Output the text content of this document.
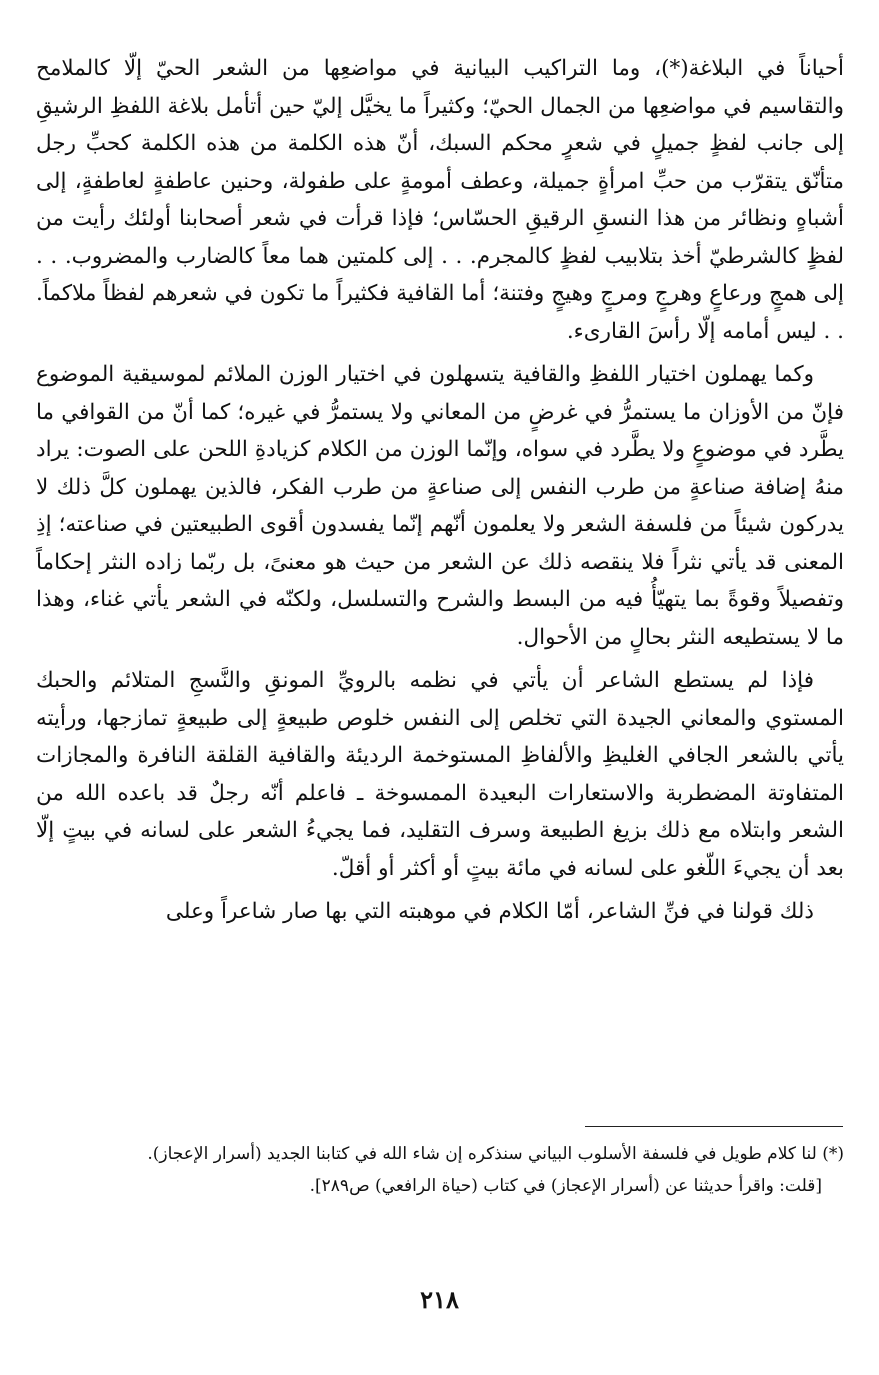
أحياناً في البلاغة(*)، وما التراكيب البيانية في مواضعِها من الشعر الحيّ إلّا كالملامح والتقاسيم في مواضعِها من الجمال الحيّ؛ وكثيراً ما يخيَّل إليّ حين أتأمل بلاغة اللفظِ الرشيقِ إلى جانب لفظٍ جميلٍ في شعرٍ محكم السبك، أنّ هذه الكلمة من هذه الكلمة كحبِّ رجل متأنّق يتقرّب من حبِّ امرأةٍ جميلة، وعطف أمومةٍ على طفولة، وحنين عاطفةٍ لعاطفةٍ، إلى أشباهٍ ونظائر من هذا النسقِ الرقيقِ الحسّاس؛ فإذا قرأت في شعر أصحابنا أولئك رأيت من لفظٍ كالشرطيّ أخذ بتلابيب لفظٍ كالمجرم. . . إلى كلمتين هما معاً كالضارب والمضروب. . . إلى همجٍ ورعاعٍ وهرجٍ ومرجٍ وهيجٍ وفتنة؛ أما القافية فكثيراً ما تكون في شعرهم لفظاً ملاكماً. . . ليس أمامه إلّا رأسَ القارىء.

وكما يهملون اختيار اللفظِ والقافية يتسهلون في اختيار الوزن الملائم لموسيقية الموضوع فإنّ من الأوزان ما يستمرُّ في غرضٍ من المعاني ولا يستمرُّ في غيره؛ كما أنّ من القوافي ما يطَّرد في موضوعٍ ولا يطَّرد في سواه، وإنّما الوزن من الكلام كزيادةِ اللحن على الصوت: يراد منهُ إضافة صناعةٍ من طرب النفس إلى صناعةٍ من طرب الفكر، فالذين يهملون كلَّ ذلك لا يدركون شيئاً من فلسفة الشعر ولا يعلمون أنّهم إنّما يفسدون أقوى الطبيعتين في صناعته؛ إذِ المعنى قد يأتي نثراً فلا ينقصه ذلك عن الشعر من حيث هو معنىً، بل ربّما زاده النثر إحكاماً وتفصيلاً وقوةً بما يتهيّأُ فيه من البسط والشرح والتسلسل، ولكنّه في الشعر يأتي غناء، وهذا ما لا يستطيعه النثر بحالٍ من الأحوال.

فإذا لم يستطع الشاعر أن يأتي في نظمه بالرويِّ المونقِ والنَّسجِ المتلائم والحبك المستوي والمعاني الجيدة التي تخلص إلى النفس خلوص طبيعةٍ إلى طبيعةٍ تمازجها، ورأيته يأتي بالشعر الجافي الغليظِ والألفاظِ المستوخمة الرديئة والقافية القلقة النافرة والمجازات المتفاوتة المضطربة والاستعارات البعيدة الممسوخة ـ فاعلم أنّه رجلٌ قد باعده الله من الشعر وابتلاه مع ذلك بزيغ الطبيعة وسرف التقليد، فما يجيءُ الشعر على لسانه في بيتٍ إلّا بعد أن يجيءَ اللّغو على لسانه في مائة بيتٍ أو أكثر أو أقلّ.

ذلك قولنا في فنِّ الشاعر، أمّا الكلام في موهبته التي بها صار شاعراً وعلى

(*) لنا كلام طويل في فلسفة الأسلوب البياني سنذكره إن شاء الله في كتابنا الجديد (أسرار الإعجاز).

[قلت: واقرأ حديثنا عن (أسرار الإعجاز) في كتاب (حياة الرافعي) ص٢٨٩].

٢١٨
